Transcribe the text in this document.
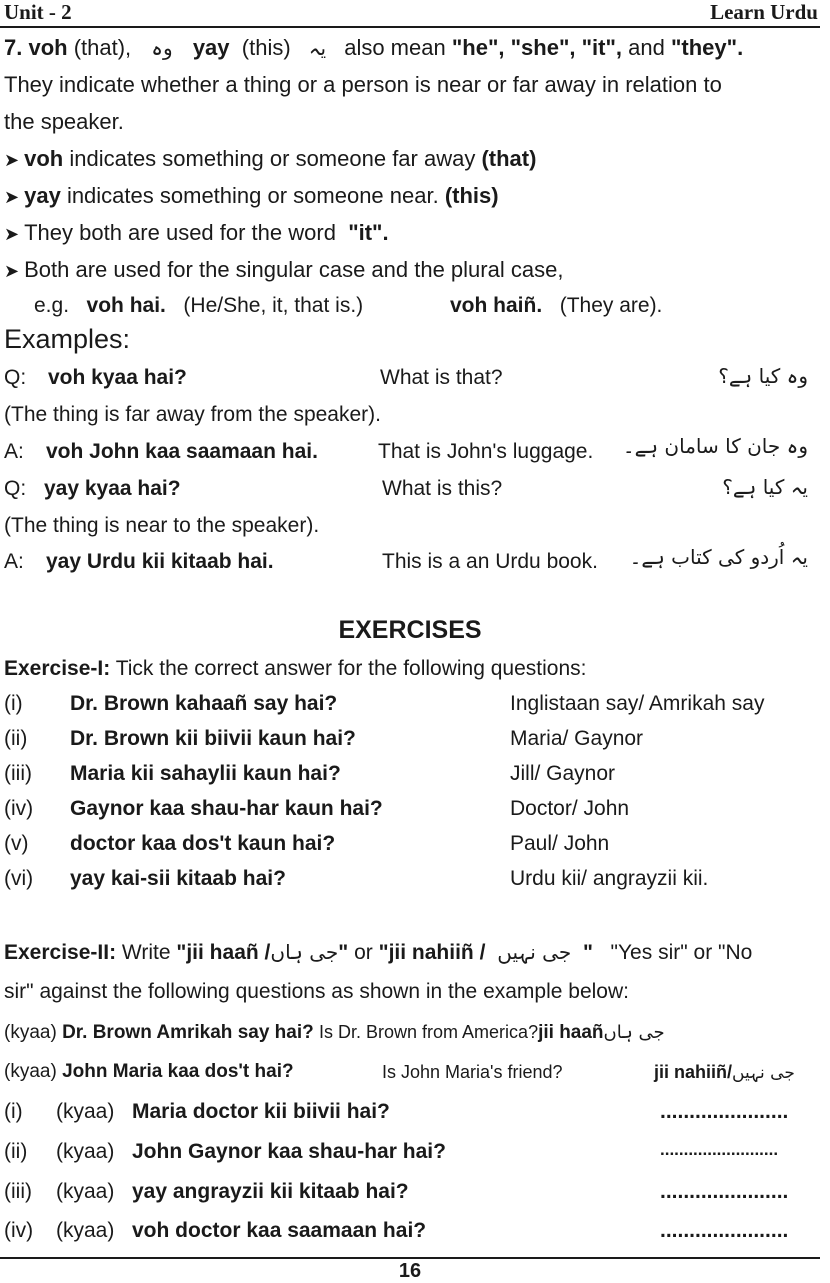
Unit - 2	Learn Urdu
7. voh (that), وہ yay (this) یہ also mean "he", "she", "it", and "they".
They indicate whether a thing or a person is near or far away in relation to
the speaker.
➤ voh indicates something or someone far away (that)
➤ yay indicates something or someone near. (this)
➤ They both are used for the word "it".
➤ Both are used for the singular case and the plural case,
e.g. voh hai. (He/She, it, that is.)	voh haiñ. (They are).
Examples:
Q: voh kyaa hai?	What is that?	وہ کیا ہے؟
(The thing is far away from the speaker).
A: voh John kaa saamaan hai.	That is John's luggage. وہ جان کا سامان ہے۔
Q: yay kyaa hai?	What is this?	یہ کیا ہے؟
(The thing is near to the speaker).
A: yay Urdu kii kitaab hai.	This is a an Urdu book. یہ اُردو کی کتاب ہے۔
EXERCISES
Exercise-I: Tick the correct answer for the following questions:
(i) Dr. Brown kahaañ say hai?	Inglistaan say/ Amrikah say
(ii) Dr. Brown kii biivii kaun hai?	Maria/ Gaynor
(iii) Maria kii sahaylii kaun hai?	Jill/ Gaynor
(iv) Gaynor kaa shau-har kaun hai?	Doctor/ John
(v) doctor kaa dos't kaun hai?	Paul/ John
(vi) yay kai-sii kitaab hai?	Urdu kii/ angrayzii kii.
Exercise-II: Write "jii haañ /جی ہاں" or "jii nahiiñ / جی نہیں " "Yes sir" or "No
sir" against the following questions as shown in the example below:
(kyaa) Dr. Brown Amrikah say hai? Is Dr. Brown from America?jii haañجی ہاں
(kyaa) John Maria kaa dos't hai?	Is John Maria's friend?	jii nahiiñ/جی نہیں
(i) (kyaa) Maria doctor kii biivii hai?	......................
(ii) (kyaa) John Gaynor kaa shau-har hai?	.........................
(iii) (kyaa) yay angrayzii kii kitaab hai?	......................
(iv) (kyaa) voh doctor kaa saamaan hai?	......................
16
